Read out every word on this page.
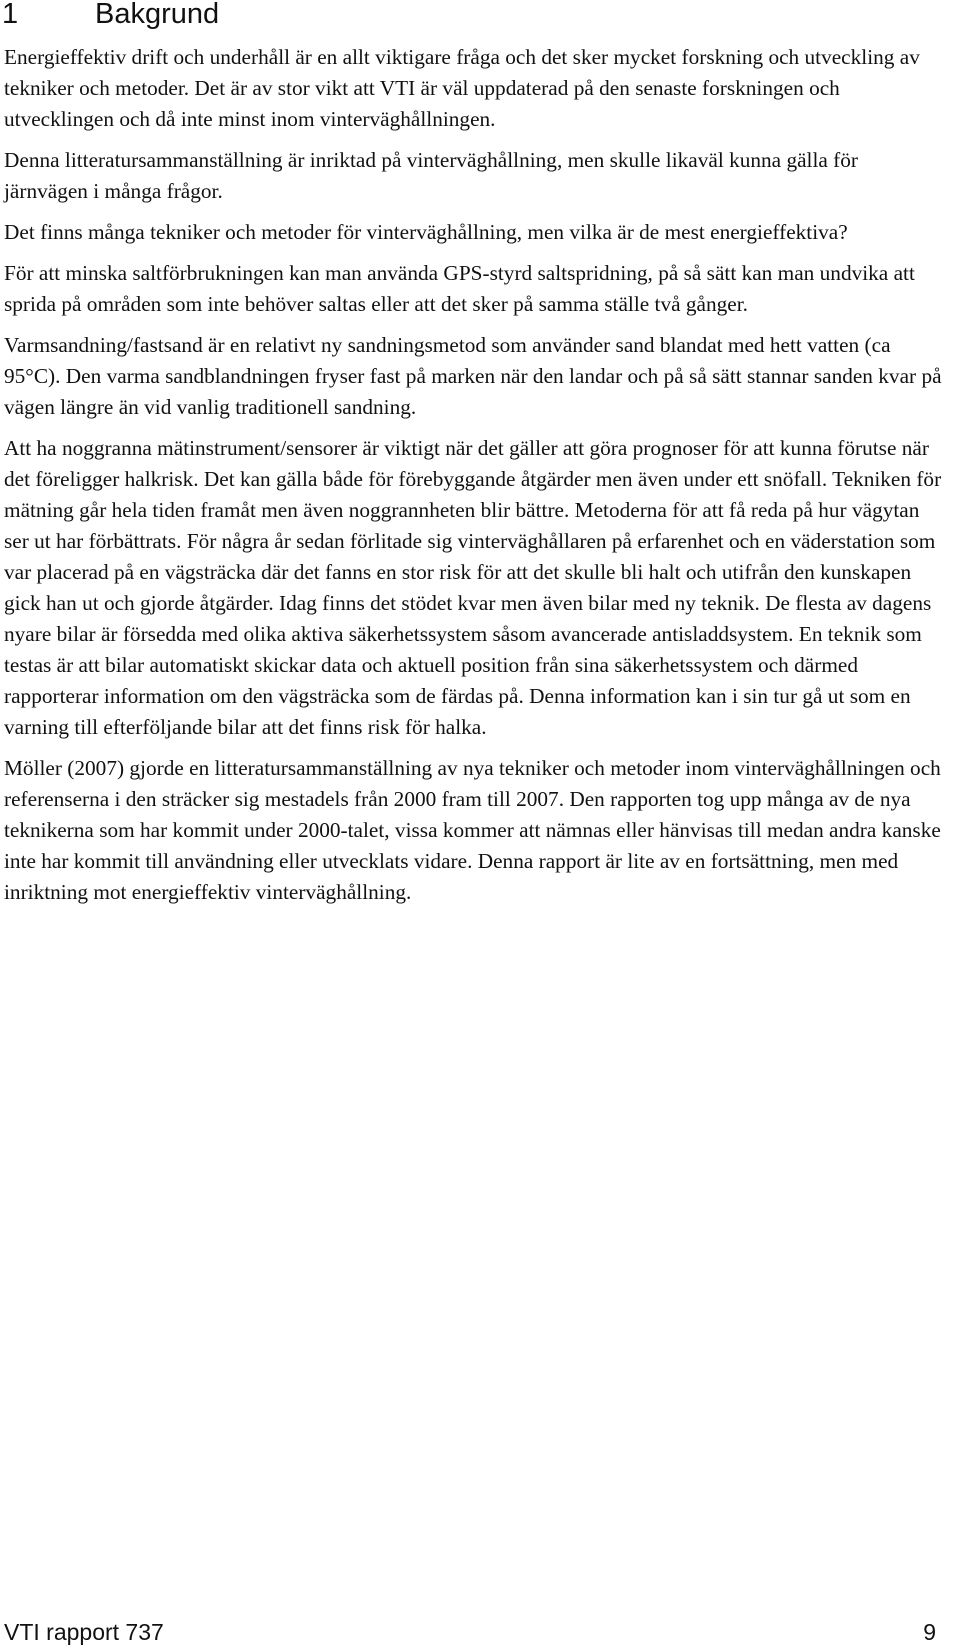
1	Bakgrund

Energieffektiv drift och underhåll är en allt viktigare fråga och det sker mycket forskning och utveckling av tekniker och metoder. Det är av stor vikt att VTI är väl uppdaterad på den senaste forskningen och utvecklingen och då inte minst inom vinterväghållningen.

Denna litteratursammanställning är inriktad på vinterväghållning, men skulle likaväl kunna gälla för järnvägen i många frågor.

Det finns många tekniker och metoder för vinterväghållning, men vilka är de mest energieffektiva?

För att minska saltförbrukningen kan man använda GPS-styrd saltspridning, på så sätt kan man undvika att sprida på områden som inte behöver saltas eller att det sker på samma ställe två gånger.

Varmsandning/fastsand är en relativt ny sandningsmetod som använder sand blandat med hett vatten (ca 95°C). Den varma sandblandningen fryser fast på marken när den landar och på så sätt stannar sanden kvar på vägen längre än vid vanlig traditionell sandning.

Att ha noggranna mätinstrument/sensorer är viktigt när det gäller att göra prognoser för att kunna förutse när det föreligger halkrisk. Det kan gälla både för förebyggande åtgärder men även under ett snöfall. Tekniken för mätning går hela tiden framåt men även noggrannheten blir bättre. Metoderna för att få reda på hur vägytan ser ut har förbättrats. För några år sedan förlitade sig vinterväghållaren på erfarenhet och en väderstation som var placerad på en vägsträcka där det fanns en stor risk för att det skulle bli halt och utifrån den kunskapen gick han ut och gjorde åtgärder. Idag finns det stödet kvar men även bilar med ny teknik. De flesta av dagens nyare bilar är försedda med olika aktiva säkerhetssystem såsom avancerade antisladdsystem. En teknik som testas är att bilar automatiskt skickar data och aktuell position från sina säkerhetssystem och därmed rapporterar information om den vägsträcka som de färdas på. Denna information kan i sin tur gå ut som en varning till efterföljande bilar att det finns risk för halka.

Möller (2007) gjorde en litteratursammanställning av nya tekniker och metoder inom vinterväghållningen och referenserna i den sträcker sig mestadels från 2000 fram till 2007. Den rapporten tog upp många av de nya teknikerna som har kommit under 2000-talet, vissa kommer att nämnas eller hänvisas till medan andra kanske inte har kommit till användning eller utvecklats vidare. Denna rapport är lite av en fortsättning, men med inriktning mot energieffektiv vinterväghållning.

VTI rapport 737	9
